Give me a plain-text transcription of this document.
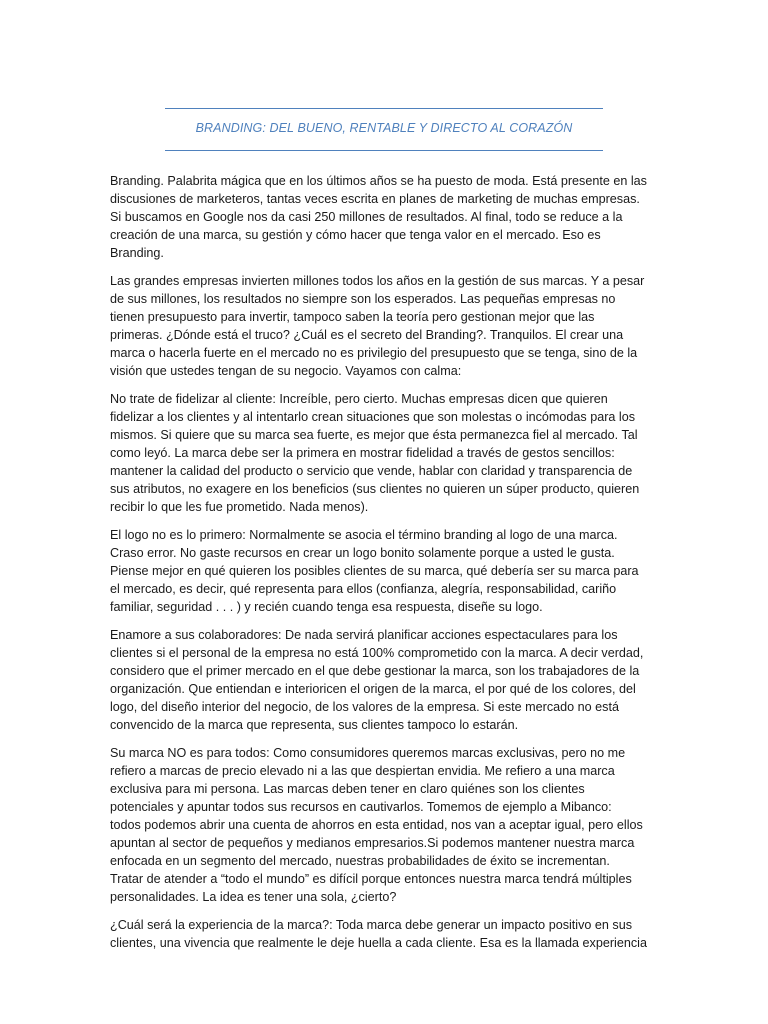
BRANDING: DEL BUENO, RENTABLE Y DIRECTO AL CORAZÓN

Branding. Palabrita mágica que en los últimos años se ha puesto de moda. Está presente en las
discusiones de marketeros, tantas veces escrita en planes de marketing de muchas empresas.
Si buscamos en Google nos da casi 250 millones de resultados. Al final, todo se reduce a la
creación de una marca, su gestión y cómo hacer que tenga valor en el mercado. Eso es
Branding.

Las grandes empresas invierten millones todos los años en la gestión de sus marcas. Y a pesar
de sus millones, los resultados no siempre son los esperados. Las pequeñas empresas no
tienen presupuesto para invertir, tampoco saben la teoría pero gestionan mejor que las
primeras. ¿Dónde está el truco? ¿Cuál es el secreto del Branding?. Tranquilos. El crear una
marca o hacerla fuerte en el mercado no es privilegio del presupuesto que se tenga, sino de la
visión que ustedes tengan de su negocio. Vayamos con calma:

No trate de fidelizar al cliente: Increíble, pero cierto. Muchas empresas dicen que quieren
fidelizar a los clientes y al intentarlo crean situaciones que son molestas o incómodas para los
mismos. Si quiere que su marca sea fuerte, es mejor que ésta permanezca fiel al mercado. Tal
como leyó. La marca debe ser la primera en mostrar fidelidad a través de gestos sencillos:
mantener la calidad del producto o servicio que vende, hablar con claridad y transparencia de
sus atributos, no exagere en los beneficios (sus clientes no quieren un súper producto, quieren
recibir lo que les fue prometido. Nada menos).

El logo no es lo primero: Normalmente se asocia el término branding al logo de una marca.
Craso error. No gaste recursos en crear un logo bonito solamente porque a usted le gusta.
Piense mejor en qué quieren los posibles clientes de su marca, qué debería ser su marca para
el mercado, es decir, qué representa para ellos (confianza, alegría, responsabilidad, cariño
familiar, seguridad . . . ) y recién cuando tenga esa respuesta, diseñe su logo.

Enamore a sus colaboradores: De nada servirá planificar acciones espectaculares para los
clientes si el personal de la empresa no está 100% comprometido con la marca. A decir verdad,
considero que el primer mercado en el que debe gestionar la marca, son los trabajadores de la
organización. Que entiendan e interioricen el origen de la marca, el por qué de los colores, del
logo, del diseño interior del negocio, de los valores de la empresa. Si este mercado no está
convencido de la marca que representa, sus clientes tampoco lo estarán.

Su marca NO es para todos: Como consumidores queremos marcas exclusivas, pero no me
refiero a marcas de precio elevado ni a las que despiertan envidia. Me refiero a una marca
exclusiva para mi persona. Las marcas deben tener en claro quiénes son los clientes
potenciales y apuntar todos sus recursos en cautivarlos. Tomemos de ejemplo a Mibanco:
todos podemos abrir una cuenta de ahorros en esta entidad, nos van a aceptar igual, pero ellos
apuntan al sector de pequeños y medianos empresarios.Si podemos mantener nuestra marca
enfocada en un segmento del mercado, nuestras probabilidades de éxito se incrementan.
Tratar de atender a “todo el mundo” es difícil porque entonces nuestra marca tendrá múltiples
personalidades. La idea es tener una sola, ¿cierto?

¿Cuál será la experiencia de la marca?: Toda marca debe generar un impacto positivo en sus
clientes, una vivencia que realmente le deje huella a cada cliente. Esa es la llamada experiencia
